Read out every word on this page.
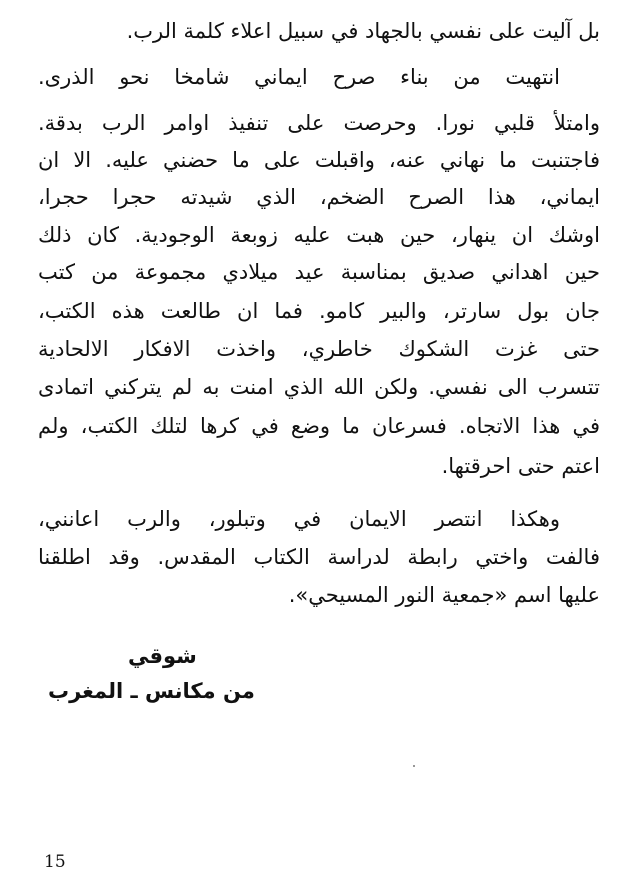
بل آليت على نفسي بالجهاد في سبيل اعلاء كلمة الرب.
انتهيت من بناء صرح ايماني شامخا نحو الذرى.
وامتلأ قلبي نورا. وحرصت على تنفيذ اوامر الرب بدقة.
فاجتنبت ما نهاني عنه، واقبلت على ما حضني عليه. الا ان
ايماني، هذا الصرح الضخم، الذي شيدته حجرا حجرا،
اوشك ان ينهار، حين هبت عليه زوبعة الوجودية. كان ذلك
حين اهداني صديق بمناسبة عيد ميلادي مجموعة من كتب
جان بول سارتر، والبير كامو. فما ان طالعت هذه الكتب،
حتى غزت الشكوك خاطري، واخذت الافكار الالحادية
تتسرب الى نفسي. ولكن الله الذي امنت به لم يتركني اتمادى
في هذا الاتجاه. فسرعان ما وضع في كرها لتلك الكتب، ولم
اعتم حتى احرقتها.
وهكذا انتصر الايمان في وتبلور، والرب اعانني،
فالفت واختي رابطة لدراسة الكتاب المقدس. وقد اطلقنا
عليها اسم «جمعية النور المسيحي».
شوقي
من مكانس ـ المغرب
15
